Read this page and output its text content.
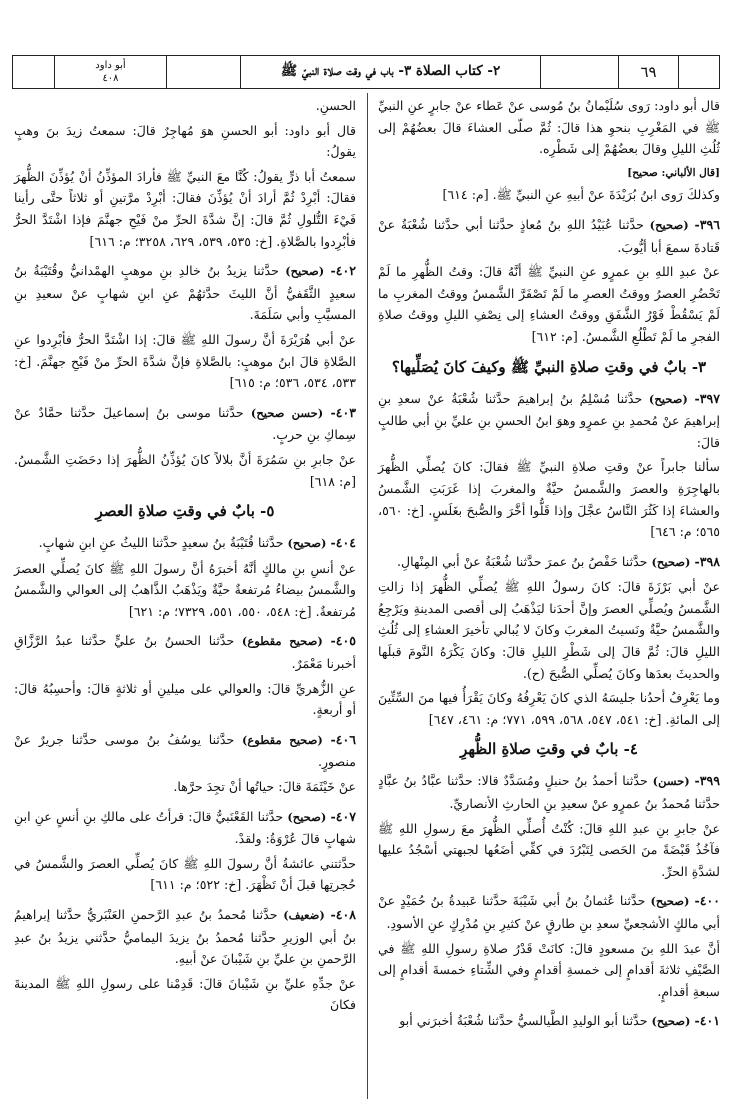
أبو داود
٤٠٨	٢- كتاب الصلاة ٣- باب في وقت صلاة النبيّ ﷺ	٦٩

قال أبو داود: رَوى سُلَيْمانُ بنُ مُوسى عنْ عَطاء عنْ جابرٍ عنِ النبيِّ ﷺ في المَغْرِبِ بنحوِ هذا قالَ: ثُمَّ صلّى العشاءَ قالَ بعضُهُمْ إلى ثُلُثِ الليلِ وقالَ بعضُهُمْ إلى شَطْرِه.

[قال الألباني: صحيح]

وكذلكَ رَوى ابنُ بُرَيْدَةَ عنْ أبيهِ عنِ النبيِّ ﷺ. [م: ٦١٤]

٣٩٦- (صحيح) حدَّثنا عُبَيْدُ اللهِ بنُ مُعاذٍ حدَّثنا أبي حدَّثنا شُعْبَةُ عنْ قَتادةَ سمعَ أبا أيُّوبَ.

عنْ عبدِ اللهِ بنِ عمرٍو عنِ النبيِّ ﷺ أنَّهُ قالَ: وقتُ الظُّهرِ ما لَمْ تَحْضُرِ العصرُ ووقتُ العصرِ ما لَمْ تَصْفَرَّ الشَّمسُ ووقتُ المغربِ ما لَمْ يَسْقُطْ فَوْرُ الشَّفَقِ ووقتُ العشاءِ إلى نِصْفِ الليلِ ووقتُ صلاةِ الفجرِ ما لَمْ تَطْلُعِ الشَّمسُ. [م: ٦١٢]

٣- بابٌ في وقتِ صلاةِ النبيِّ ﷺ وكيفَ كانَ يُصَلِّيها؟

٣٩٧- (صحيح) حدَّثنا مُسْلِمُ بنُ إبراهيمَ حدَّثنا شُعْبَةُ عنْ سعدِ بنِ إبراهيمَ عنْ مُحمدِ بنِ عمرٍو وهوَ ابنُ الحسنِ بنِ عليِّ بنِ أبي طالبٍ قالَ:

سألنا جابراً عنْ وقتِ صلاةِ النبيِّ ﷺ فقالَ: كانَ يُصلِّي الظُّهرَ بالهاجِرَةِ والعصرَ والشَّمسُ حيَّةٌ والمغربَ إذا غَرَبَتِ الشَّمسُ والعشاءَ إذا كَثُرَ النَّاسُ عجَّلَ وإذا قَلُّوا أخَّرَ والصُّبحَ بغَلَسٍ. [خ: ٥٦٠، ٥٦٥؛ م: ٦٤٦]

٣٩٨- (صحيح) حدَّثنا حَفْصُ بنُ عمرَ حدَّثنا شُعْبَةُ عنْ أبي المِنْهالِ.

عنْ أبي بَرْزَةَ قالَ: كانَ رسولُ اللهِ ﷺ يُصلِّي الظُّهرَ إذا زالتِ الشَّمسُ ويُصلِّي العصرَ وإنَّ أحدَنا ليَذْهَبُ إلى أقصى المدينةِ ويَرْجِعُ والشَّمسُ حيَّةٌ ونَسيتُ المغربَ وكانَ لا يُبالي تأخيرَ العشاءِ إلى ثُلُثِ الليلِ قالَ: ثُمَّ قالَ إلى شَطْرِ الليلِ قالَ: وكانَ يَكْرَهُ النَّومَ قبلَها والحديثَ بعدَها وكانَ يُصلِّي الصُّبحَ (ح).

وما يَعْرِفُ أحدُنا جليسَهُ الذي كانَ يَعْرِفُهُ وكانَ يَقْرَأُ فيها منَ السِّتِّينَ إلى المائةِ. [خ: ٥٤١، ٥٤٧، ٥٦٨، ٥٩٩، ٧٧١؛ م: ٤٦١، ٦٤٧]

٤- بابٌ في وقتِ صلاةِ الظُّهرِ

٣٩٩- (حسن) حدَّثنا أحمدُ بنُ حنبلٍ ومُسَدَّدٌ قالا: حدَّثنا عبَّادُ بنُ عبَّادٍ حدَّثنا مُحمدُ بنُ عمرٍو عنْ سعيدِ بنِ الحارثِ الأنصاريِّ.

عنْ جابرِ بنِ عبدِ اللهِ قالَ: كُنْتُ أُصلِّي الظُّهرَ معَ رسولِ اللهِ ﷺ فآخُذُ قَبْضَةً منَ الحَصى لِتَبْرُدَ في كفِّي أضَعُها لجبهتي أسْجُدُ عليها لشدَّةِ الحرِّ.

٤٠٠- (صحيح) حدَّثنا عُثمانُ بنُ أبي شَيْبَةَ حدَّثنا عَبيدةُ بنُ حُمَيْدٍ عنْ أبي مالكٍ الأشجعيِّ سعدِ بنِ طارقٍ عنْ كثيرِ بنِ مُدْرِكٍ عنِ الأسودِ.

أنَّ عبدَ اللهِ بنَ مسعودٍ قالَ: كانَتْ قَدْرُ صلاةِ رسولِ اللهِ ﷺ في الصَّيْفِ ثلاثةَ أقدامٍ إلى خمسةِ أقدامٍ وفي الشِّتاءِ خمسةَ أقدامٍ إلى سبعةِ أقدامٍ.

٤٠١- (صحيح) حدَّثنا أبو الوليدِ الطَّيالسيُّ حدَّثنا شُعْبَةُ أخبرَني أبو

الحسنِ.

قال أبو داود: أبو الحسنِ هوَ مُهاجِرٌ قالَ: سمعتُ زيدَ بنَ وهبٍ يقولُ:

سمعتُ أبا ذرٍّ يقولُ: كُنَّا معَ النبيِّ ﷺ فأرادَ المؤذِّنُ أنْ يُؤذِّنَ الظُّهرَ فقالَ: أبْرِدْ ثُمَّ أرادَ أنْ يُؤذِّنَ فقالَ: أبْرِدْ مرَّتينِ أو ثلاثاً حتَّى رأينا فَيْءَ التُّلولِ ثُمَّ قالَ: إنَّ شدَّةَ الحرِّ منْ فَيْحِ جهنَّمَ فإذا اشْتَدَّ الحرُّ فأبْرِدوا بالصَّلاةِ. [خ: ٥٣٥، ٥٣٩، ٦٢٩، ٣٢٥٨؛ م: ٦١٦]

٤٠٢- (صحيح) حدَّثنا يزيدُ بنُ خالدِ بنِ موهبٍ الهمْدانيُّ وقُتَيْبَةُ بنُ سعيدٍ الثَّقَفيُّ أنَّ الليثَ حدَّثهُمْ عنِ ابنِ شهابٍ عنْ سعيدِ بنِ المسيَّبِ وأبي سَلَمَةَ.

عنْ أبي هُرَيْرَةَ أنَّ رسولَ اللهِ ﷺ قالَ: إذا اشْتَدَّ الحرُّ فأبْرِدوا عنِ الصَّلاةِ قالَ ابنُ موهبٍ: بالصَّلاةِ فإنَّ شدَّةَ الحرِّ منْ فَيْحِ جهنَّمَ. [خ: ٥٣٣، ٥٣٤، ٥٣٦؛ م: ٦١٥]

٤٠٣- (حسن صحيح) حدَّثنا موسى بنُ إسماعيلَ حدَّثنا حمَّادٌ عنْ سِماكِ بنِ حربٍ.

عنْ جابرِ بنِ سَمُرَةَ أنَّ بلالاً كانَ يُؤذِّنُ الظُّهرَ إذا دحَضَتِ الشَّمسُ. [م: ٦١٨]

٥- بابٌ في وقتِ صلاةِ العصرِ

٤٠٤- (صحيح) حدَّثنا قُتَيْبَةُ بنُ سعيدٍ حدَّثنا الليثُ عنِ ابنِ شهابٍ.

عنْ أنسِ بنِ مالكٍ أنَّهُ أخبرَهُ أنَّ رسولَ اللهِ ﷺ كانَ يُصلِّي العصرَ والشَّمسُ بيضاءُ مُرتفعةٌ حيَّةٌ ويَذْهَبُ الذَّاهبُ إلى العوالي والشَّمسُ مُرتفعةٌ. [خ: ٥٤٨، ٥٥٠، ٥٥١، ٧٣٢٩؛ م: ٦٢١]

٤٠٥- (صحيح مقطوع) حدَّثنا الحسنُ بنُ عليٍّ حدَّثنا عبدُ الرَّزَّاقِ أخبرنا مَعْمَرٌ.

عنِ الزُّهريِّ قالَ: والعوالي على ميلينِ أو ثلاثةٍ قالَ: وأحسِبُهُ قالَ: أو أربعةٍ.

٤٠٦- (صحيح مقطوع) حدَّثنا يوسُفُ بنُ موسى حدَّثنا جريرٌ عنْ منصورٍ.

عنْ خَيْثَمَةَ قالَ: حياتُها أنْ تجِدَ حرَّها.

٤٠٧- (صحيح) حدَّثنا القَعْنَبيُّ قالَ: قرأتُ على مالكِ بنِ أنسٍ عنِ ابنِ شهابٍ قالَ عُرْوَةُ: ولقدْ.

حدَّثتني عائشةُ أنَّ رسولَ اللهِ ﷺ كانَ يُصلِّي العصرَ والشَّمسُ في حُجرتِها قبلَ أنْ تَظْهَرَ. [خ: ٥٢٢؛ م: ٦١١]

٤٠٨- (ضعيف) حدَّثنا مُحمدُ بنُ عبدِ الرَّحمنِ العَنْبَريُّ حدَّثنا إبراهيمُ بنُ أبي الوزيرِ حدَّثنا مُحمدُ بنُ يزيدَ اليماميُّ حدَّثني يزيدُ بنُ عبدِ الرَّحمنِ بنِ عليِّ بنِ شَيْبانَ عنْ أبيهِ.

عنْ جدِّهِ عليِّ بنِ شَيْبانَ قالَ: قَدِمْنا على رسولِ اللهِ ﷺ المدينةَ فكانَ
